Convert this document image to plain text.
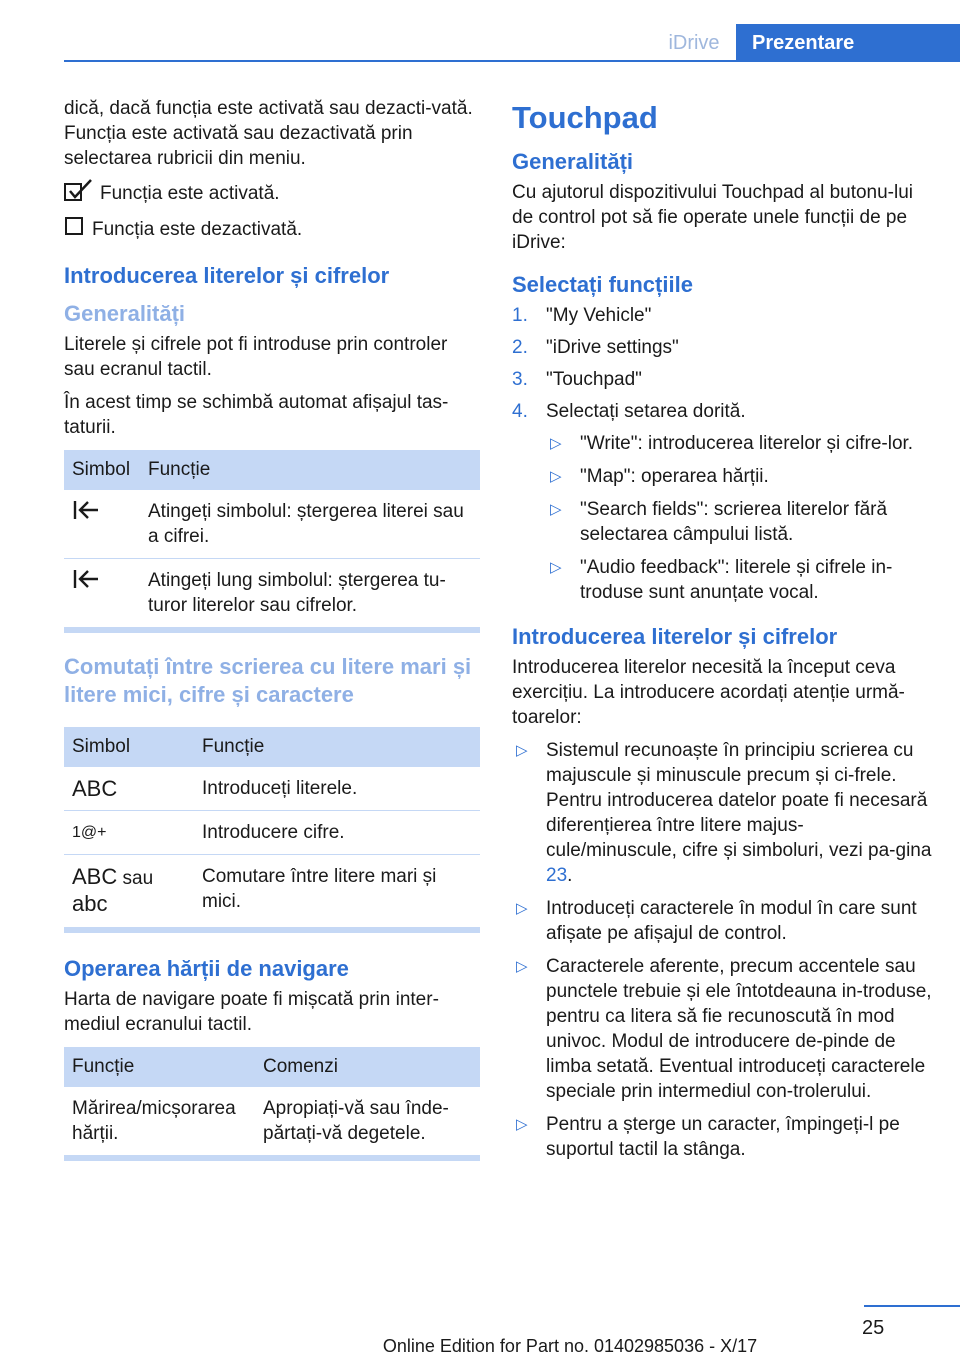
iDrive	Prezentare

dică, dacă funcția este activată sau dezacti-vată. Funcția este activată sau dezactivată prin selectarea rubricii din meniu.

Funcția este activată.
Funcția este dezactivată.
Introducerea literelor și cifrelor
Generalități

Literele și cifrele pot fi introduse prin controler sau ecranul tactil.

În acest timp se schimbă automat afișajul tas-taturii.

Simbol	Funcție
	Atingeți simbolul: ștergerea literei sau a cifrei.
	Atingeți lung simbolul: ștergerea tu-turor literelor sau cifrelor.
Comutați între scrierea cu litere mari și litere mici, cifre și caractere
Simbol	Funcție
ABC	Introduceți literele.
1@+	Introducere cifre.
ABC sau
abc	Comutare între litere mari și mici.
Operarea hărții de navigare

Harta de navigare poate fi mișcată prin inter-mediul ecranului tactil.

Funcție	Comenzi
Mărirea/micșorarea hărții.	Apropiați-vă sau înde-părtați-vă degetele.
Touchpad
Generalități

Cu ajutorul dispozitivului Touchpad al butonu-lui de control pot să fie operate unele funcții de pe iDrive:

Selectați funcțiile
1. "My Vehicle"
2. "iDrive settings"
3. "Touchpad"
4. Selectați setarea dorită.
▷ "Write": introducerea literelor și cifre-lor.
▷ "Map": operarea hărții.
▷ "Search fields": scrierea literelor fără selectarea câmpului listă.
▷ "Audio feedback": literele și cifrele in-troduse sunt anunțate vocal.
Introducerea literelor și cifrelor

Introducerea literelor necesită la început ceva exercițiu. La introducere acordați atenție urmă-toarelor:

▷ Sistemul recunoaște în principiu scrierea cu majuscule și minuscule precum și ci-frele. Pentru introducerea datelor poate fi necesară diferențierea între litere majus-cule/minuscule, cifre și simboluri, vezi pa-gina 23.
▷ Introduceți caracterele în modul în care sunt afișate pe afișajul de control.
▷ Caracterele aferente, precum accentele sau punctele trebuie și ele întotdeauna in-troduse, pentru ca litera să fie recunoscută în mod univoc. Modul de introducere de-pinde de limba setată. Eventual introduceți caracterele speciale prin intermediul con-trolerului.
▷ Pentru a șterge un caracter, împingeți-l pe suportul tactil la stânga.
25
Online Edition for Part no. 01402985036 - X/17
